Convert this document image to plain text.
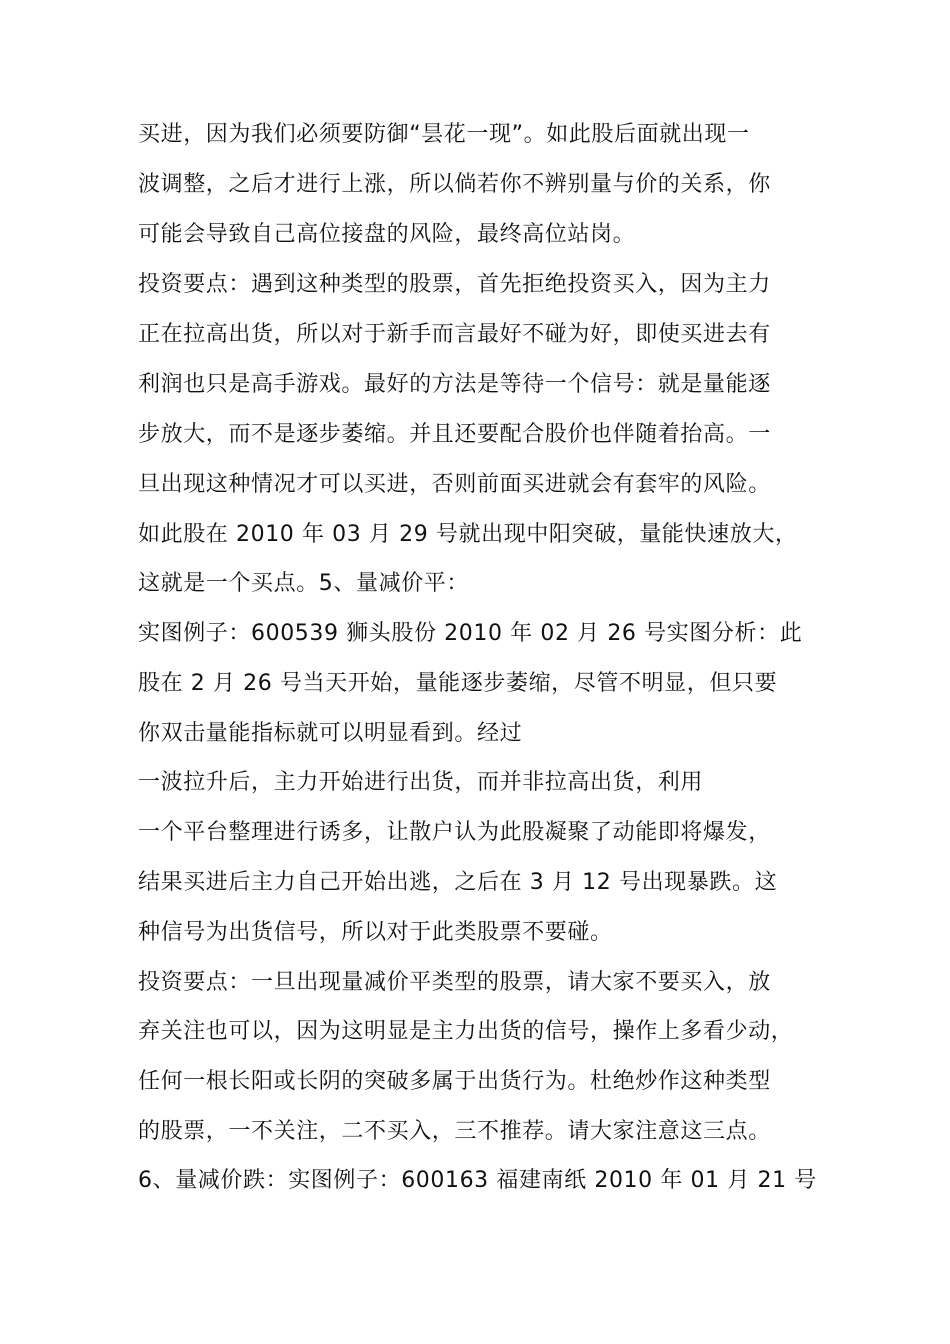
买进，因为我们必须要防御“昙花一现”。如此股后面就出现一
波调整，之后才进行上涨，所以倘若你不辨别量与价的关系，你
可能会导致自己高位接盘的风险，最终高位站岗。
投资要点：遇到这种类型的股票，首先拒绝投资买入，因为主力
正在拉高出货，所以对于新手而言最好不碰为好，即使买进去有
利润也只是高手游戏。最好的方法是等待一个信号：就是量能逐
步放大，而不是逐步萎缩。并且还要配合股价也伴随着抬高。一
旦出现这种情况才可以买进，否则前面买进就会有套牢的风险。
如此股在 2010 年 03 月 29 号就出现中阳突破，量能快速放大，
这就是一个买点。5、量减价平：
实图例子：600539 狮头股份 2010 年 02 月 26 号实图分析：此
股在 2 月 26 号当天开始，量能逐步萎缩，尽管不明显，但只要
你双击量能指标就可以明显看到。经过
一波拉升后，主力开始进行出货，而并非拉高出货，利用
一个平台整理进行诱多，让散户认为此股凝聚了动能即将爆发，
结果买进后主力自己开始出逃，之后在 3 月 12 号出现暴跌。这
种信号为出货信号，所以对于此类股票不要碰。
投资要点：一旦出现量减价平类型的股票，请大家不要买入，放
弃关注也可以，因为这明显是主力出货的信号，操作上多看少动，
任何一根长阳或长阴的突破多属于出货行为。杜绝炒作这种类型
的股票，一不关注，二不买入，三不推荐。请大家注意这三点。
6、量减价跌：实图例子：600163 福建南纸 2010 年 01 月 21 号
